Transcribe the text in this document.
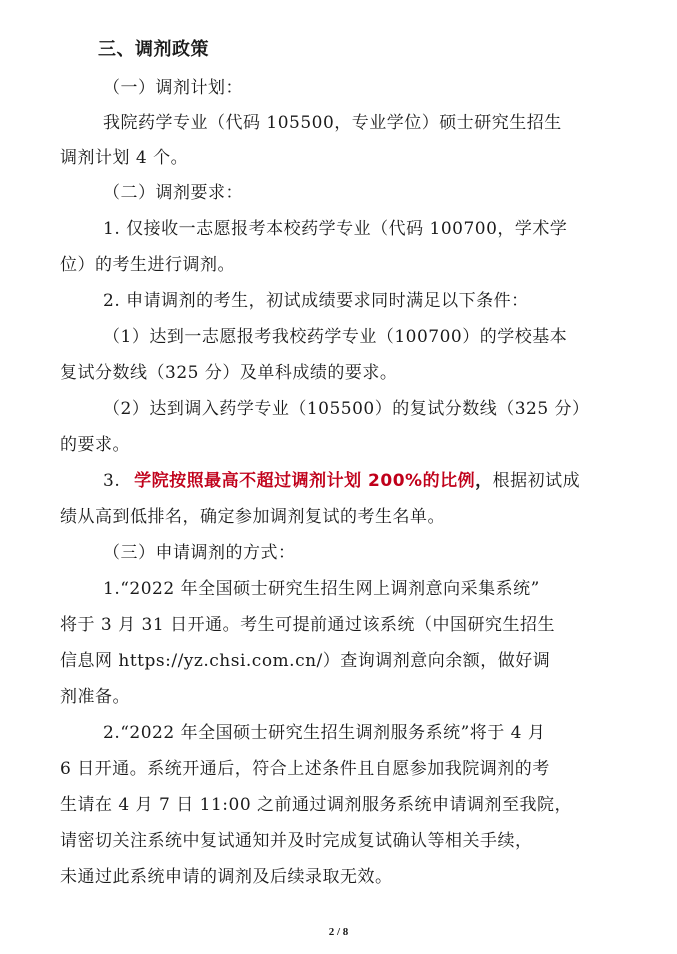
三、调剂政策
（一）调剂计划：
我院药学专业（代码 105500，专业学位）硕士研究生招生
调剂计划 4 个。
（二）调剂要求：
1. 仅接收一志愿报考本校药学专业（代码 100700，学术学
位）的考生进行调剂。
2. 申请调剂的考生，初试成绩要求同时满足以下条件：
（1）达到一志愿报考我校药学专业（100700）的学校基本
复试分数线（325 分）及单科成绩的要求。
（2）达到调入药学专业（105500）的复试分数线（325 分）
的要求。
3. 学院按照最高不超过调剂计划 200%的比例，根据初试成
绩从高到低排名，确定参加调剂复试的考生名单。
（三）申请调剂的方式：
1.“2022 年全国硕士研究生招生网上调剂意向采集系统”
将于 3 月 31 日开通。考生可提前通过该系统（中国研究生招生
信息网 https://yz.chsi.com.cn/）查询调剂意向余额，做好调
剂准备。
2.“2022 年全国硕士研究生招生调剂服务系统”将于 4 月
6 日开通。系统开通后，符合上述条件且自愿参加我院调剂的考
生请在 4 月 7 日 11:00 之前通过调剂服务系统申请调剂至我院，
请密切关注系统中复试通知并及时完成复试确认等相关手续，
未通过此系统申请的调剂及后续录取无效。
2 / 8
